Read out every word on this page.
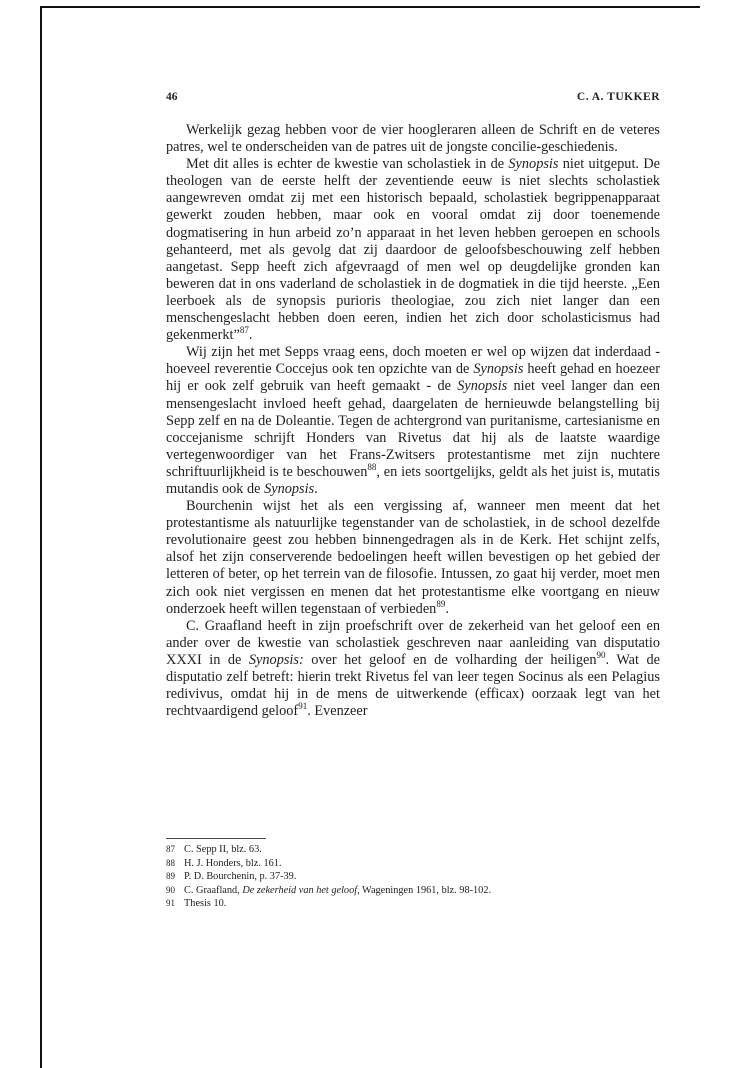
46	C. A. TUKKER

Werkelijk gezag hebben voor de vier hoogleraren alleen de Schrift en de veteres patres, wel te onderscheiden van de patres uit de jongste concilie-geschiedenis.

Met dit alles is echter de kwestie van scholastiek in de Synopsis niet uitgeput. De theologen van de eerste helft der zeventiende eeuw is niet slechts scholastiek aangewreven omdat zij met een historisch bepaald, scholastiek begrippenapparaat gewerkt zouden hebben, maar ook en vooral omdat zij door toenemende dogmatisering in hun arbeid zo’n apparaat in het leven hebben geroepen en schools gehanteerd, met als gevolg dat zij daardoor de geloofsbeschouwing zelf hebben aangetast. Sepp heeft zich afgevraagd of men wel op deugdelijke gronden kan beweren dat in ons vaderland de scholastiek in de dogmatiek in die tijd heerste. „Een leerboek als de synopsis purioris theologiae, zou zich niet langer dan een menschengeslacht hebben doen eeren, indien het zich door scholasticismus had gekenmerkt”$^{87}$.

Wij zijn het met Sepps vraag eens, doch moeten er wel op wijzen dat inderdaad - hoeveel reverentie Coccejus ook ten opzichte van de Synopsis heeft gehad en hoezeer hij er ook zelf gebruik van heeft gemaakt - de Synopsis niet veel langer dan een mensengeslacht invloed heeft gehad, daargelaten de hernieuwde belangstelling bij Sepp zelf en na de Doleantie. Tegen de achtergrond van puritanisme, cartesianisme en coccejanisme schrijft Honders van Rivetus dat hij als de laatste waardige vertegenwoordiger van het Frans-Zwitsers protestantisme met zijn nuchtere schriftuurlijkheid is te beschouwen$^{88}$, en iets soortgelijks, geldt als het juist is, mutatis mutandis ook de Synopsis.

Bourchenin wijst het als een vergissing af, wanneer men meent dat het protestantisme als natuurlijke tegenstander van de scholastiek, in de school dezelfde revolutionaire geest zou hebben binnengedragen als in de Kerk. Het schijnt zelfs, alsof het zijn conserverende bedoelingen heeft willen bevestigen op het gebied der letteren of beter, op het terrein van de filosofie. Intussen, zo gaat hij verder, moet men zich ook niet vergissen en menen dat het protestantisme elke voortgang en nieuw onderzoek heeft willen tegenstaan of verbieden$^{89}$.

C. Graafland heeft in zijn proefschrift over de zekerheid van het geloof een en ander over de kwestie van scholastiek geschreven naar aanleiding van disputatio XXXI in de Synopsis: over het geloof en de volharding der heiligen$^{90}$. Wat de disputatio zelf betreft: hierin trekt Rivetus fel van leer tegen Socinus als een Pelagius redivivus, omdat hij in de mens de uitwerkende (efficax) oorzaak legt van het rechtvaardigend geloof$^{91}$. Evenzeer

87 C. Sepp II, blz. 63.
88 H. J. Honders, blz. 161.
89 P. D. Bourchenin, p. 37-39.
90 C. Graafland, De zekerheid van het geloof, Wageningen 1961, blz. 98-102.
91 Thesis 10.
